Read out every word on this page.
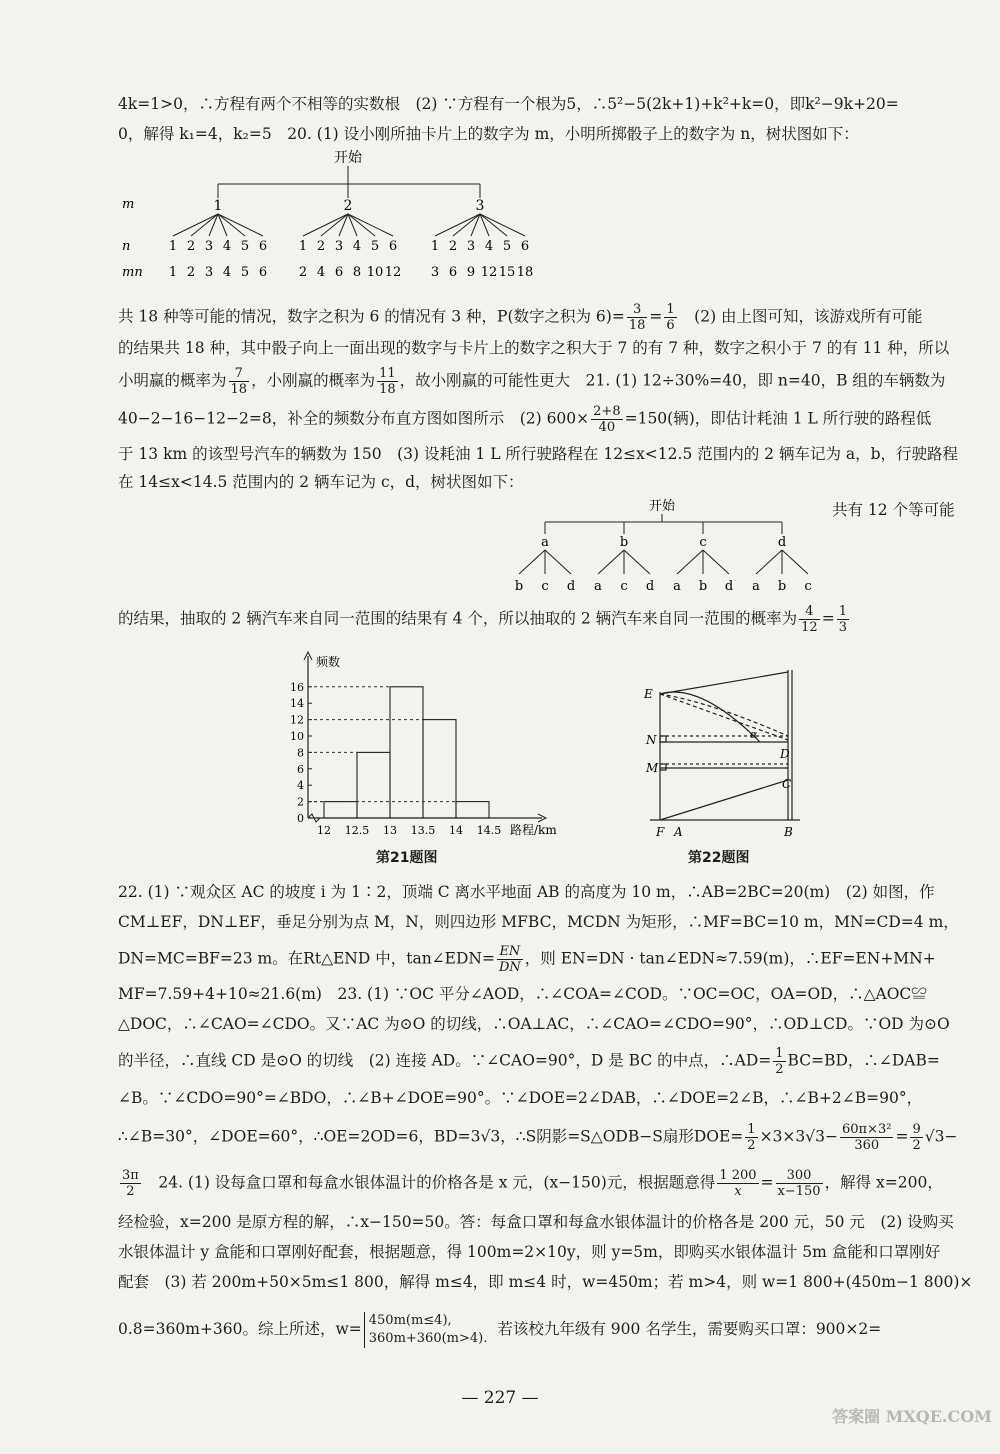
4k=1>0，∴方程有两个不相等的实数根　(2) ∵方程有一个根为5，∴5²−5(2k+1)+k²+k=0，即k²−9k+20=
0，解得 k₁=4，k₂=5　20. (1) 设小刚所抽卡片上的数字为 m，小明所掷骰子上的数字为 n，树状图如下：
开始
m
n
mn
1
1
1
2
2
3
3
4
4
5
5
6
6
2
1
2
2
4
3
6
4
8
5
10
6
12
3
1
3
2
6
3
9
4
12
5
15
6
18
共 18 种等可能的情况，数字之积为 6 的情况有 3 种，P(数字之积为 $6)= \frac{3}{18} = \frac{1}{6}$
　 (2) 由上图可知，该游戏所有可能
的结果共 18 种，其中骰子向上一面出现的数字与卡片上的数字之积大于 7 的有 7 种，数字之积小于 7 的有 11 种，所以
小明赢的概率为 $\frac{7}{18}$ ，小刚赢的概率为 $\frac{11}{18}$ ，故小刚赢的可能性更大　21. (1) 12÷30%=40，即 n=40，B 组的车辆数为
40−2−16−12−2=8，补全的频数分布直方图如图所示　(2) $600\times \frac{2+8}{40} =150$(辆)，即估计耗油 1 L 所行驶的路程低
于 13 km 的该型号汽车的辆数为 150　(3) 设耗油 1 L 所行驶路程在 12≤x<12.5 范围内的 2 辆车记为 a，b，行驶路程
在 14≤x<14.5 范围内的 2 辆车记为 c，d，树状图如下：
共有 12 个等可能
开始
a
b c d
b
a c d
c
a b d
d
a b c
的结果，抽取的 2 辆汽车来自同一范围的结果有 4 个，所以抽取的 2 辆汽车来自同一范围的概率为 $\frac{4}{12} = \frac{1}{3}$
频数
路程/km
0
2
4
6
8
10
12
14
16
12 12.5 13 13.5 14 14.5
第21题图
E
N
M
F A	B
C
D
α
第22题图
22. (1) ∵观众区 AC 的坡度 i 为 1∶2，顶端 C 离水平地面 AB 的高度为 10 m，∴AB=2BC=20(m)　(2) 如图，作
CM⊥EF，DN⊥EF，垂足分别为点 M，N，则四边形 MFBC，MCDN 为矩形，∴MF=BC=10 m，MN=CD=4 m，
DN=MC=BF=23 m。在Rt△END 中，tan∠EDN= $\frac{EN}{DN}$ ，则 EN=DN · tan∠EDN≈7.59(m)，∴EF=EN+MN+
MF=7.59+4+10≈21.6(m)　23. (1) ∵OC 平分∠AOD，∴∠COA=∠COD。∵OC=OC，OA=OD，∴△AOC≌
△DOC，∴∠CAO=∠CDO。又∵AC 为⊙O 的切线，∴OA⊥AC，∴∠CAO=∠CDO=90°，∴OD⊥CD。∵OD 为⊙O
的半径，∴直线 CD 是⊙O 的切线　(2) 连接 AD。∵∠CAO=90°，D 是 BC 的中点，∴AD= $\frac{1}{2} BC=BD$，∴∠DAB=
∠B。∵∠CDO=90°=∠BDO，∴∠B+∠DOE=90°。∵∠DOE=2∠DAB，∴∠DOE=2∠B，∴∠B+2∠B=90°，
∴∠B=30°，∠DOE=60°，∴OE=2OD=6，BD=3√3，∴S阴影=S△ODB−S扇形$DOE= \frac{1}{2} \times 3\times 3√3- \frac{\text{60π×3²}}{360} = \frac{9}{2} √3-$
$\frac{3\pi}{2}$
　 24. (1) 设每盒口罩和每盒水银体温计的价格各是 x 元，(x−150)元，根据题意得 $\frac{1 200}{x} = \frac{300}{x-150}$ ，解得 x=200，
经检验，x=200 是原方程的解，∴x−150=50。答：每盒口罩和每盒水银体温计的价格各是 200 元，50 元　(2) 设购买
水银体温计 y 盒能和口罩刚好配套，根据题意，得 100m=2×10y，则 y=5m，即购买水银体温计 5m 盒能和口罩刚好
配套　(3) 若 200m+50×5m≤1 800，解得 m≤4，即 m≤4 时，w=450m；若 m>4，则 w=1 800+(450m−1 800)×
0.8=360m+360。综上所述，w= 450m(m≤4),
360m+360(m>4).
若该校九年级有 900 名学生，需要购买口罩：900×2=
— 227 —
答案圈 MXQE.COM
